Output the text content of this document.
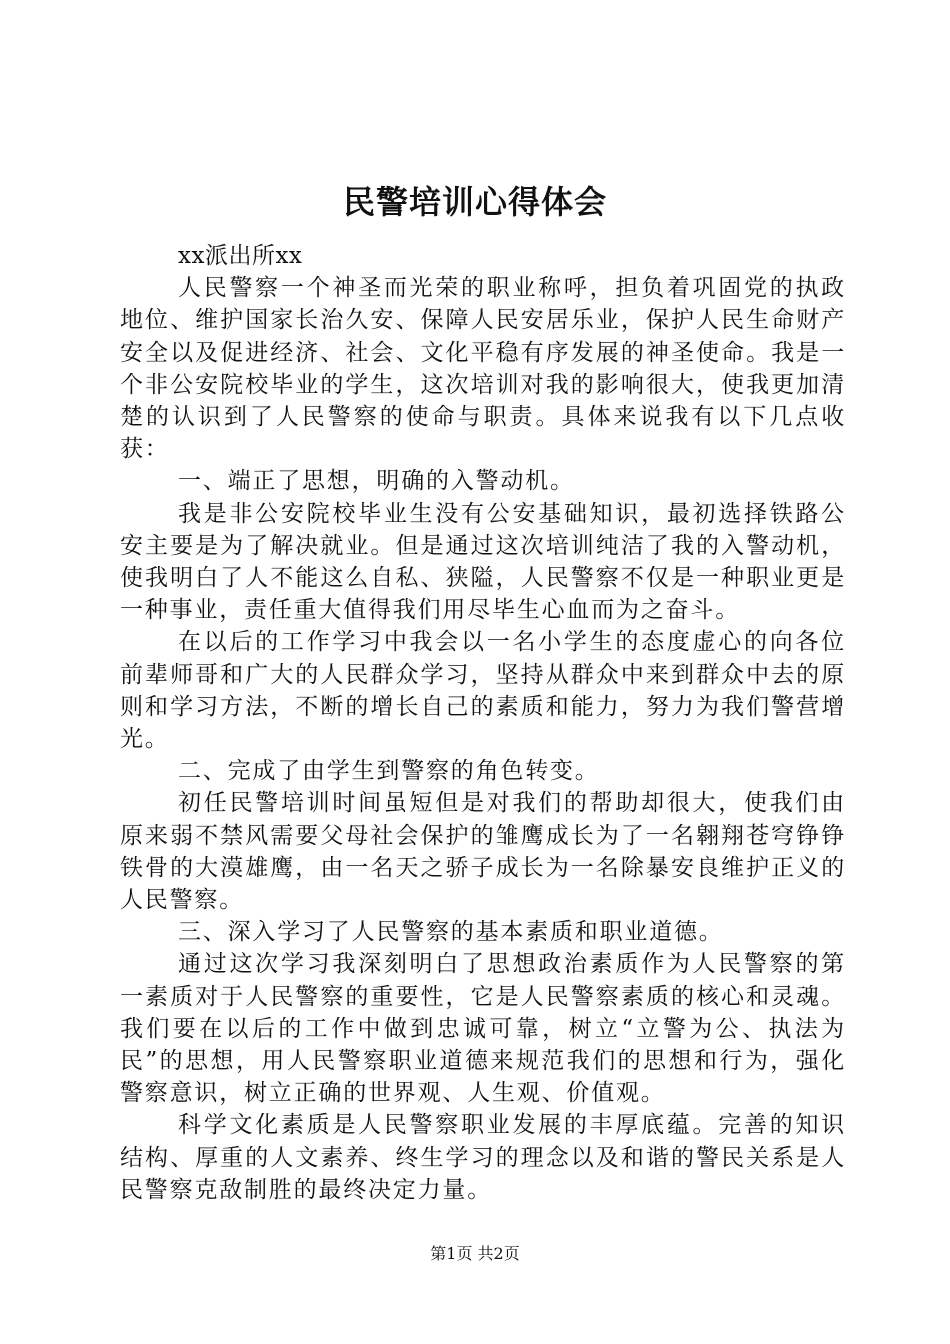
民警培训心得体会

xx派出所xx

人民警察一个神圣而光荣的职业称呼，担负着巩固党的执政地位、维护国家长治久安、保障人民安居乐业，保护人民生命财产安全以及促进经济、社会、文化平稳有序发展的神圣使命。我是一个非公安院校毕业的学生，这次培训对我的影响很大，使我更加清楚的认识到了人民警察的使命与职责。具体来说我有以下几点收获：

一、端正了思想，明确的入警动机。

我是非公安院校毕业生没有公安基础知识，最初选择铁路公安主要是为了解决就业。但是通过这次培训纯洁了我的入警动机，使我明白了人不能这么自私、狭隘，人民警察不仅是一种职业更是一种事业，责任重大值得我们用尽毕生心血而为之奋斗。

在以后的工作学习中我会以一名小学生的态度虚心的向各位前辈师哥和广大的人民群众学习，坚持从群众中来到群众中去的原则和学习方法，不断的增长自己的素质和能力，努力为我们警营增光。

二、完成了由学生到警察的角色转变。

初任民警培训时间虽短但是对我们的帮助却很大，使我们由原来弱不禁风需要父母社会保护的雏鹰成长为了一名翱翔苍穹铮铮铁骨的大漠雄鹰，由一名天之骄子成长为一名除暴安良维护正义的人民警察。

三、深入学习了人民警察的基本素质和职业道德。

通过这次学习我深刻明白了思想政治素质作为人民警察的第一素质对于人民警察的重要性，它是人民警察素质的核心和灵魂。我们要在以后的工作中做到忠诚可靠，树立“立警为公、执法为民”的思想，用人民警察职业道德来规范我们的思想和行为，强化警察意识，树立正确的世界观、人生观、价值观。

科学文化素质是人民警察职业发展的丰厚底蕴。完善的知识结构、厚重的人文素养、终生学习的理念以及和谐的警民关系是人民警察克敌制胜的最终决定力量。

第1页 共2页
